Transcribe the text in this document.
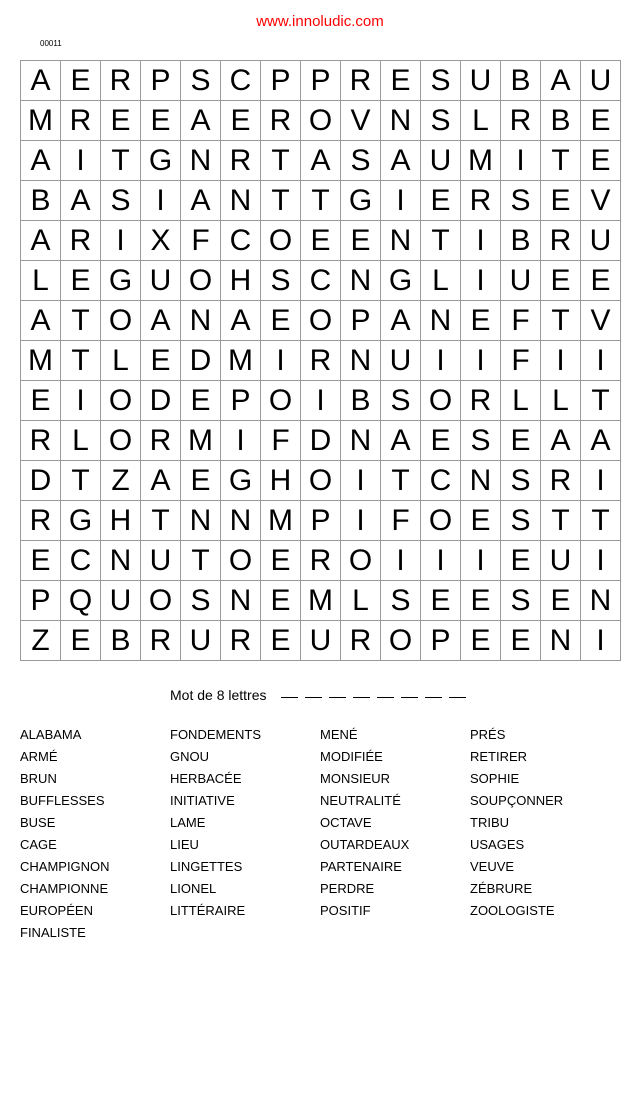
www.innoludic.com
00011
A	E	R	P	S	C	P	P	R	E	S	U	B	A	U
M	R	E	E	A	E	R	O	V	N	S	L	R	B	E
A	I	T	G	N	R	T	A	S	A	U	M	I	T	E
B	A	S	I	A	N	T	T	G	I	E	R	S	E	V
A	R	I	X	F	C	O	E	E	N	T	I	B	R	U
L	E	G	U	O	H	S	C	N	G	L	I	U	E	E
A	T	O	A	N	A	E	O	P	A	N	E	F	T	V
M	T	L	E	D	M	I	R	N	U	I	I	F	I	I
E	I	O	D	E	P	O	I	B	S	O	R	L	L	T
R	L	O	R	M	I	F	D	N	A	E	S	E	A	A
D	T	Z	A	E	G	H	O	I	T	C	N	S	R	I
R	G	H	T	N	N	M	P	I	F	O	E	S	T	T
E	C	N	U	T	O	E	R	O	I	I	I	E	U	I
P	Q	U	O	S	N	E	M	L	S	E	E	S	E	N
Z	E	B	R	U	R	E	U	R	O	P	E	E	N	I
Mot de 8 lettres
ALABAMA
ARMÉ
BRUN
BUFFLESSES
BUSE
CAGE
CHAMPIGNON
CHAMPIONNE
EUROPÉEN
FINALISTE
FONDEMENTS
GNOU
HERBACÉE
INITIATIVE
LAME
LIEU
LINGETTES
LIONEL
LITTÉRAIRE
MENÉ
MODIFIÉE
MONSIEUR
NEUTRALITÉ
OCTAVE
OUTARDEAUX
PARTENAIRE
PERDRE
POSITIF
PRÉS
RETIRER
SOPHIE
SOUPÇONNER
TRIBU
USAGES
VEUVE
ZÉBRURE
ZOOLOGISTE
